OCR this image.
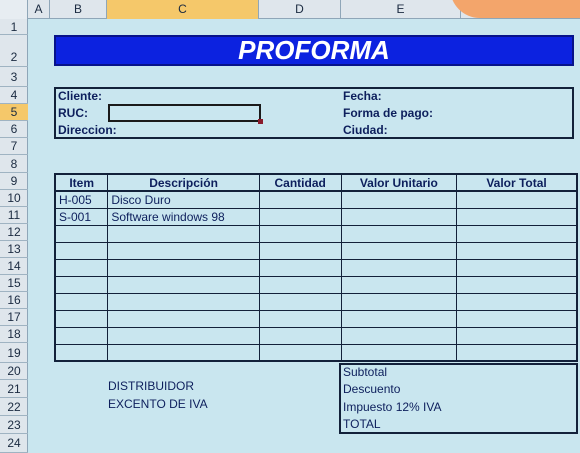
A	B	C	D	E
1
2
3
4
5
6
7
8
9
10
11
12
13
14
15
16
17
18
19
20
21
22
23
24
PROFORMA
Cliente:
RUC:
Direccion:
Fecha:
Forma de pago:
Ciudad:
Item	Descripción	Cantidad	Valor Unitario	Valor Total
H-005	Disco Duro			
S-001	Software windows 98			

DISTRIBUIDOR
EXCENTO DE IVA
Subtotal
Descuento
Impuesto 12% IVA
TOTAL
